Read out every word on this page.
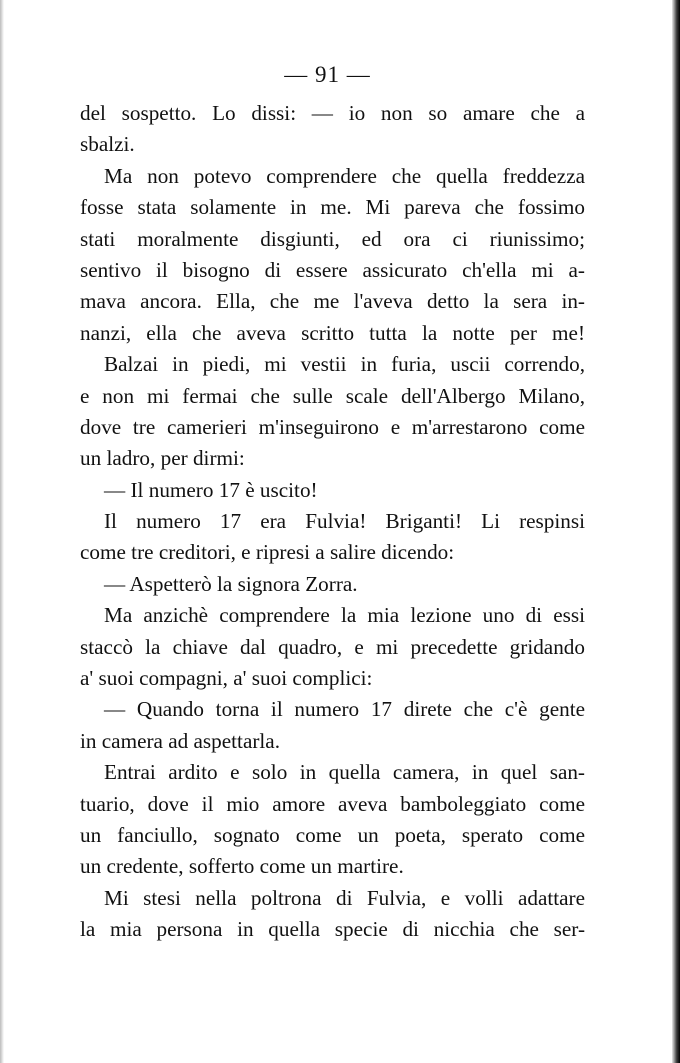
— 91 —
del sospetto. Lo dissi: — io non so amare che a
sbalzi.
Ma non potevo comprendere che quella freddezza
fosse stata solamente in me. Mi pareva che fossimo
stati moralmente disgiunti, ed ora ci riunissimo;
sentivo il bisogno di essere assicurato ch'ella mi a-
mava ancora. Ella, che me l'aveva detto la sera in-
nanzi, ella che aveva scritto tutta la notte per me!
Balzai in piedi, mi vestii in furia, uscii correndo,
e non mi fermai che sulle scale dell'Albergo Milano,
dove tre camerieri m'inseguirono e m'arrestarono come
un ladro, per dirmi:
— Il numero 17 è uscito!
Il numero 17 era Fulvia! Briganti! Li respinsi
come tre creditori, e ripresi a salire dicendo:
— Aspetterò la signora Zorra.
Ma anzichè comprendere la mia lezione uno di essi
staccò la chiave dal quadro, e mi precedette gridando
a' suoi compagni, a' suoi complici:
— Quando torna il numero 17 direte che c'è gente
in camera ad aspettarla.
Entrai ardito e solo in quella camera, in quel san-
tuario, dove il mio amore aveva bamboleggiato come
un fanciullo, sognato come un poeta, sperato come
un credente, sofferto come un martire.
Mi stesi nella poltrona di Fulvia, e volli adattare
la mia persona in quella specie di nicchia che ser-
